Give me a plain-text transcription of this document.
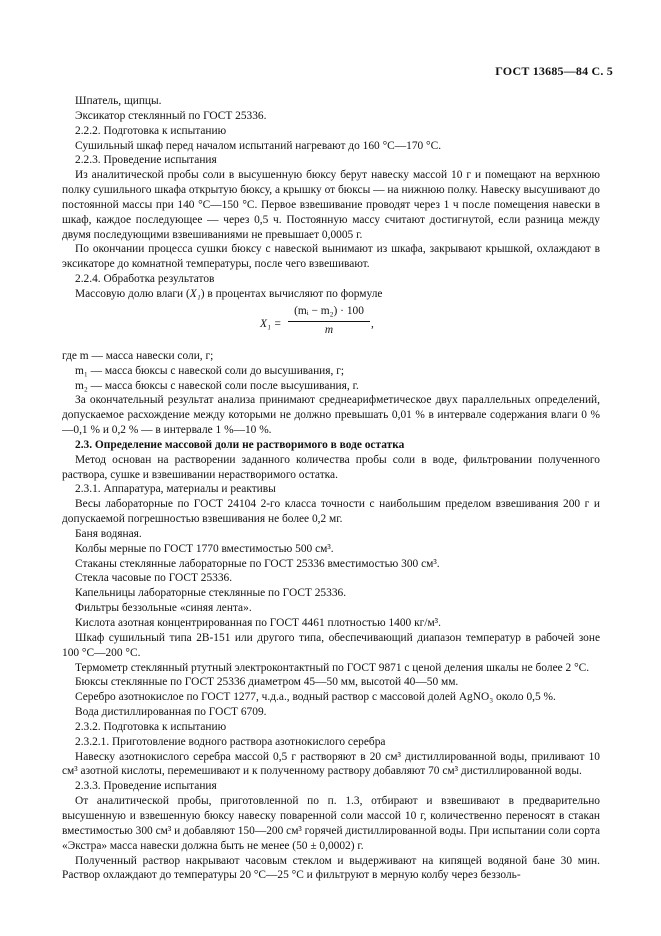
ГОСТ 13685—84 С. 5

Шпатель, щипцы.

Эксикатор стеклянный по ГОСТ 25336.

2.2.2. Подготовка к испытанию

Сушильный шкаф перед началом испытаний нагревают до 160 °С—170 °С.

2.2.3. Проведение испытания

Из аналитической пробы соли в высушенную бюксу берут навеску массой 10 г и помещают на верхнюю полку сушильного шкафа открытую бюксу, а крышку от бюксы — на нижнюю полку. Навеску высушивают до постоянной массы при 140 °С—150 °С. Первое взвешивание проводят через 1 ч после помещения навески в шкаф, каждое последующее — через 0,5 ч. Постоянную массу считают достигнутой, если разница между двумя последующими взвешиваниями не превышает 0,0005 г.

По окончании процесса сушки бюксу с навеской вынимают из шкафа, закрывают крышкой, охлаждают в эксикаторе до комнатной температуры, после чего взвешивают.

2.2.4. Обработка результатов

Массовую долю влаги (X₁) в процентах вычисляют по формуле

$X_1 = \frac{\text{(mᵢ − m₂) · 100}}{m}$ ,

где m — масса навески соли, г;

m₁ — масса бюксы с навеской соли до высушивания, г;

m₂ — масса бюксы с навеской соли после высушивания, г.

За окончательный результат анализа принимают среднеарифметическое двух параллельных определений, допускаемое расхождение между которыми не должно превышать 0,01 % в интервале содержания влаги 0 % —0,1 % и 0,2 % — в интервале 1 %—10 %.

2.3. Определение массовой доли не растворимого в воде остатка

Метод основан на растворении заданного количества пробы соли в воде, фильтровании полученного раствора, сушке и взвешивании нерастворимого остатка.

2.3.1. Аппаратура, материалы и реактивы

Весы лабораторные по ГОСТ 24104 2-го класса точности с наибольшим пределом взвешивания 200 г и допускаемой погрешностью взвешивания не более 0,2 мг.

Баня водяная.

Колбы мерные по ГОСТ 1770 вместимостью 500 см³.

Стаканы стеклянные лабораторные по ГОСТ 25336 вместимостью 300 см³.

Стекла часовые по ГОСТ 25336.

Капельницы лабораторные стеклянные по ГОСТ 25336.

Фильтры беззольные «синяя лента».

Кислота азотная концентрированная по ГОСТ 4461 плотностью 1400 кг/м³.

Шкаф сушильный типа 2В-151 или другого типа, обеспечивающий диапазон температур в рабочей зоне 100 °С—200 °С.

Термометр стеклянный ртутный электроконтактный по ГОСТ 9871 с ценой деления шкалы не более 2 °С.

Бюксы стеклянные по ГОСТ 25336 диаметром 45—50 мм, высотой 40—50 мм.

Серебро азотнокислое по ГОСТ 1277, ч.д.а., водный раствор с массовой долей AgNO₃ около 0,5 %.

Вода дистиллированная по ГОСТ 6709.

2.3.2. Подготовка к испытанию

2.3.2.1. Приготовление водного раствора азотнокислого серебра

Навеску азотнокислого серебра массой 0,5 г растворяют в 20 см³ дистиллированной воды, приливают 10 см³ азотной кислоты, перемешивают и к полученному раствору добавляют 70 см³ дистиллированной воды.

2.3.3. Проведение испытания

От аналитической пробы, приготовленной по п. 1.3, отбирают и взвешивают в предварительно высушенную и взвешенную бюксу навеску поваренной соли массой 10 г, количественно переносят в стакан вместимостью 300 см³ и добавляют 150—200 см³ горячей дистиллированной воды. При испытании соли сорта «Экстра» масса навески должна быть не менее (50 ± 0,0002) г.

Полученный раствор накрывают часовым стеклом и выдерживают на кипящей водяной бане 30 мин. Раствор охлаждают до температуры 20 °С—25 °С и фильтруют в мерную колбу через беззоль-
